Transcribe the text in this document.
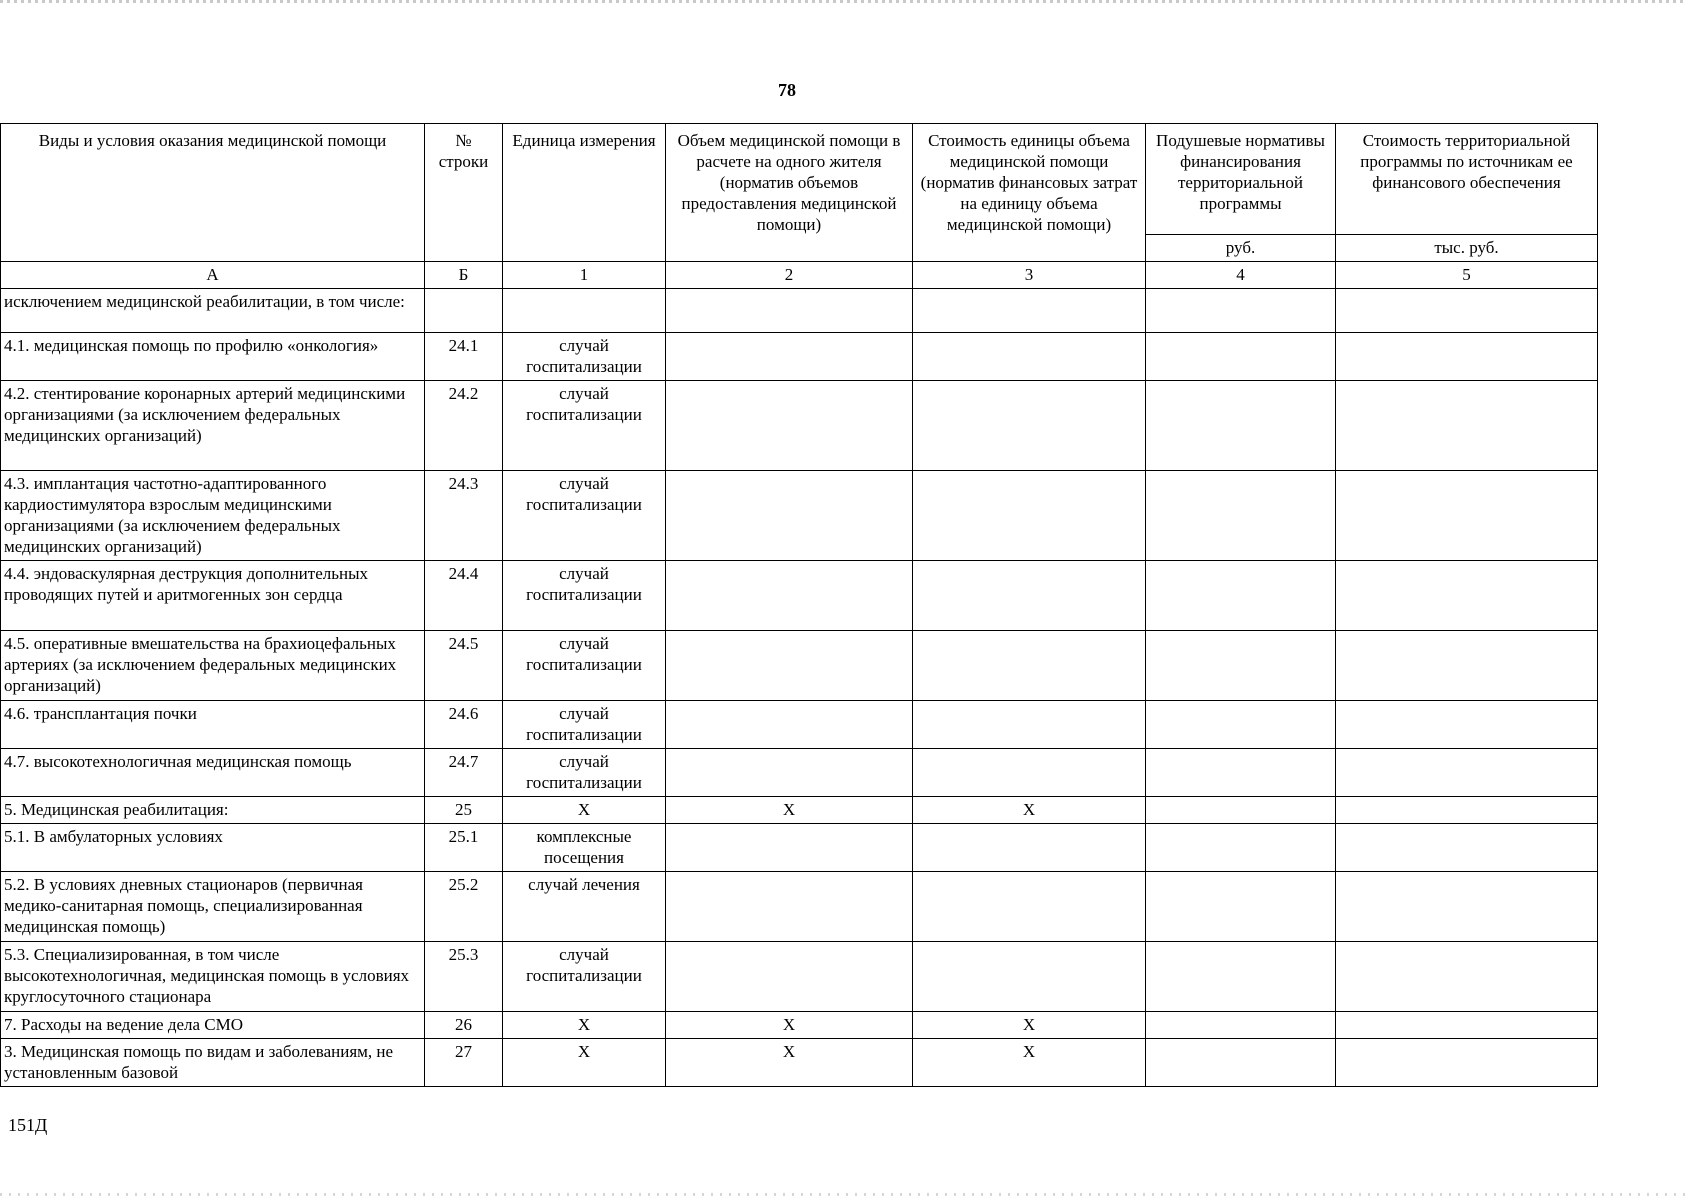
78
Виды и условия оказания медицинской помощи	№ строки	Единица измерения	Объем медицинской помощи в расчете на одного жителя (норматив объемов предоставления медицинской помощи)	Стоимость единицы объема медицинской помощи (норматив финансовых затрат на единицу объема медицинской помощи)	Подушевые нормативы финансирования территориальной программы	Стоимость территориальной программы по источникам ее финансового обеспечения
					руб.	тыс. руб.
А	Б	1	2	3	4	5
исключением медицинской реабилитации, в том числе:						
4.1. медицинская помощь по профилю «онкология»	24.1	случай госпитализации				
4.2. стентирование коронарных артерий медицинскими организациями (за исключением федеральных медицинских организаций)	24.2	случай госпитализации				
4.3. имплантация частотно-адаптированного кардиостимулятора взрослым медицинскими организациями (за исключением федеральных медицинских организаций)	24.3	случай госпитализации				
4.4. эндоваскулярная деструкция дополнительных проводящих путей и аритмогенных зон сердца	24.4	случай госпитализации				
4.5. оперативные вмешательства на брахиоцефальных артериях (за исключением федеральных медицинских организаций)	24.5	случай госпитализации				
4.6. трансплантация почки	24.6	случай госпитализации				
4.7. высокотехнологичная медицинская помощь	24.7	случай госпитализации				
5. Медицинская реабилитация:	25	X	X	X		
5.1. В амбулаторных условиях	25.1	комплексные посещения				
5.2. В условиях дневных стационаров (первичная медико-санитарная помощь, специализированная медицинская помощь)	25.2	случай лечения				
5.3. Специализированная, в том числе высокотехнологичная, медицинская помощь в условиях круглосуточного стационара	25.3	случай госпитализации				
7. Расходы на ведение дела СМО	26	X	X	X		
3. Медицинская помощь по видам и заболеваниям, не установленным базовой	27	X	X	X		
151Д
